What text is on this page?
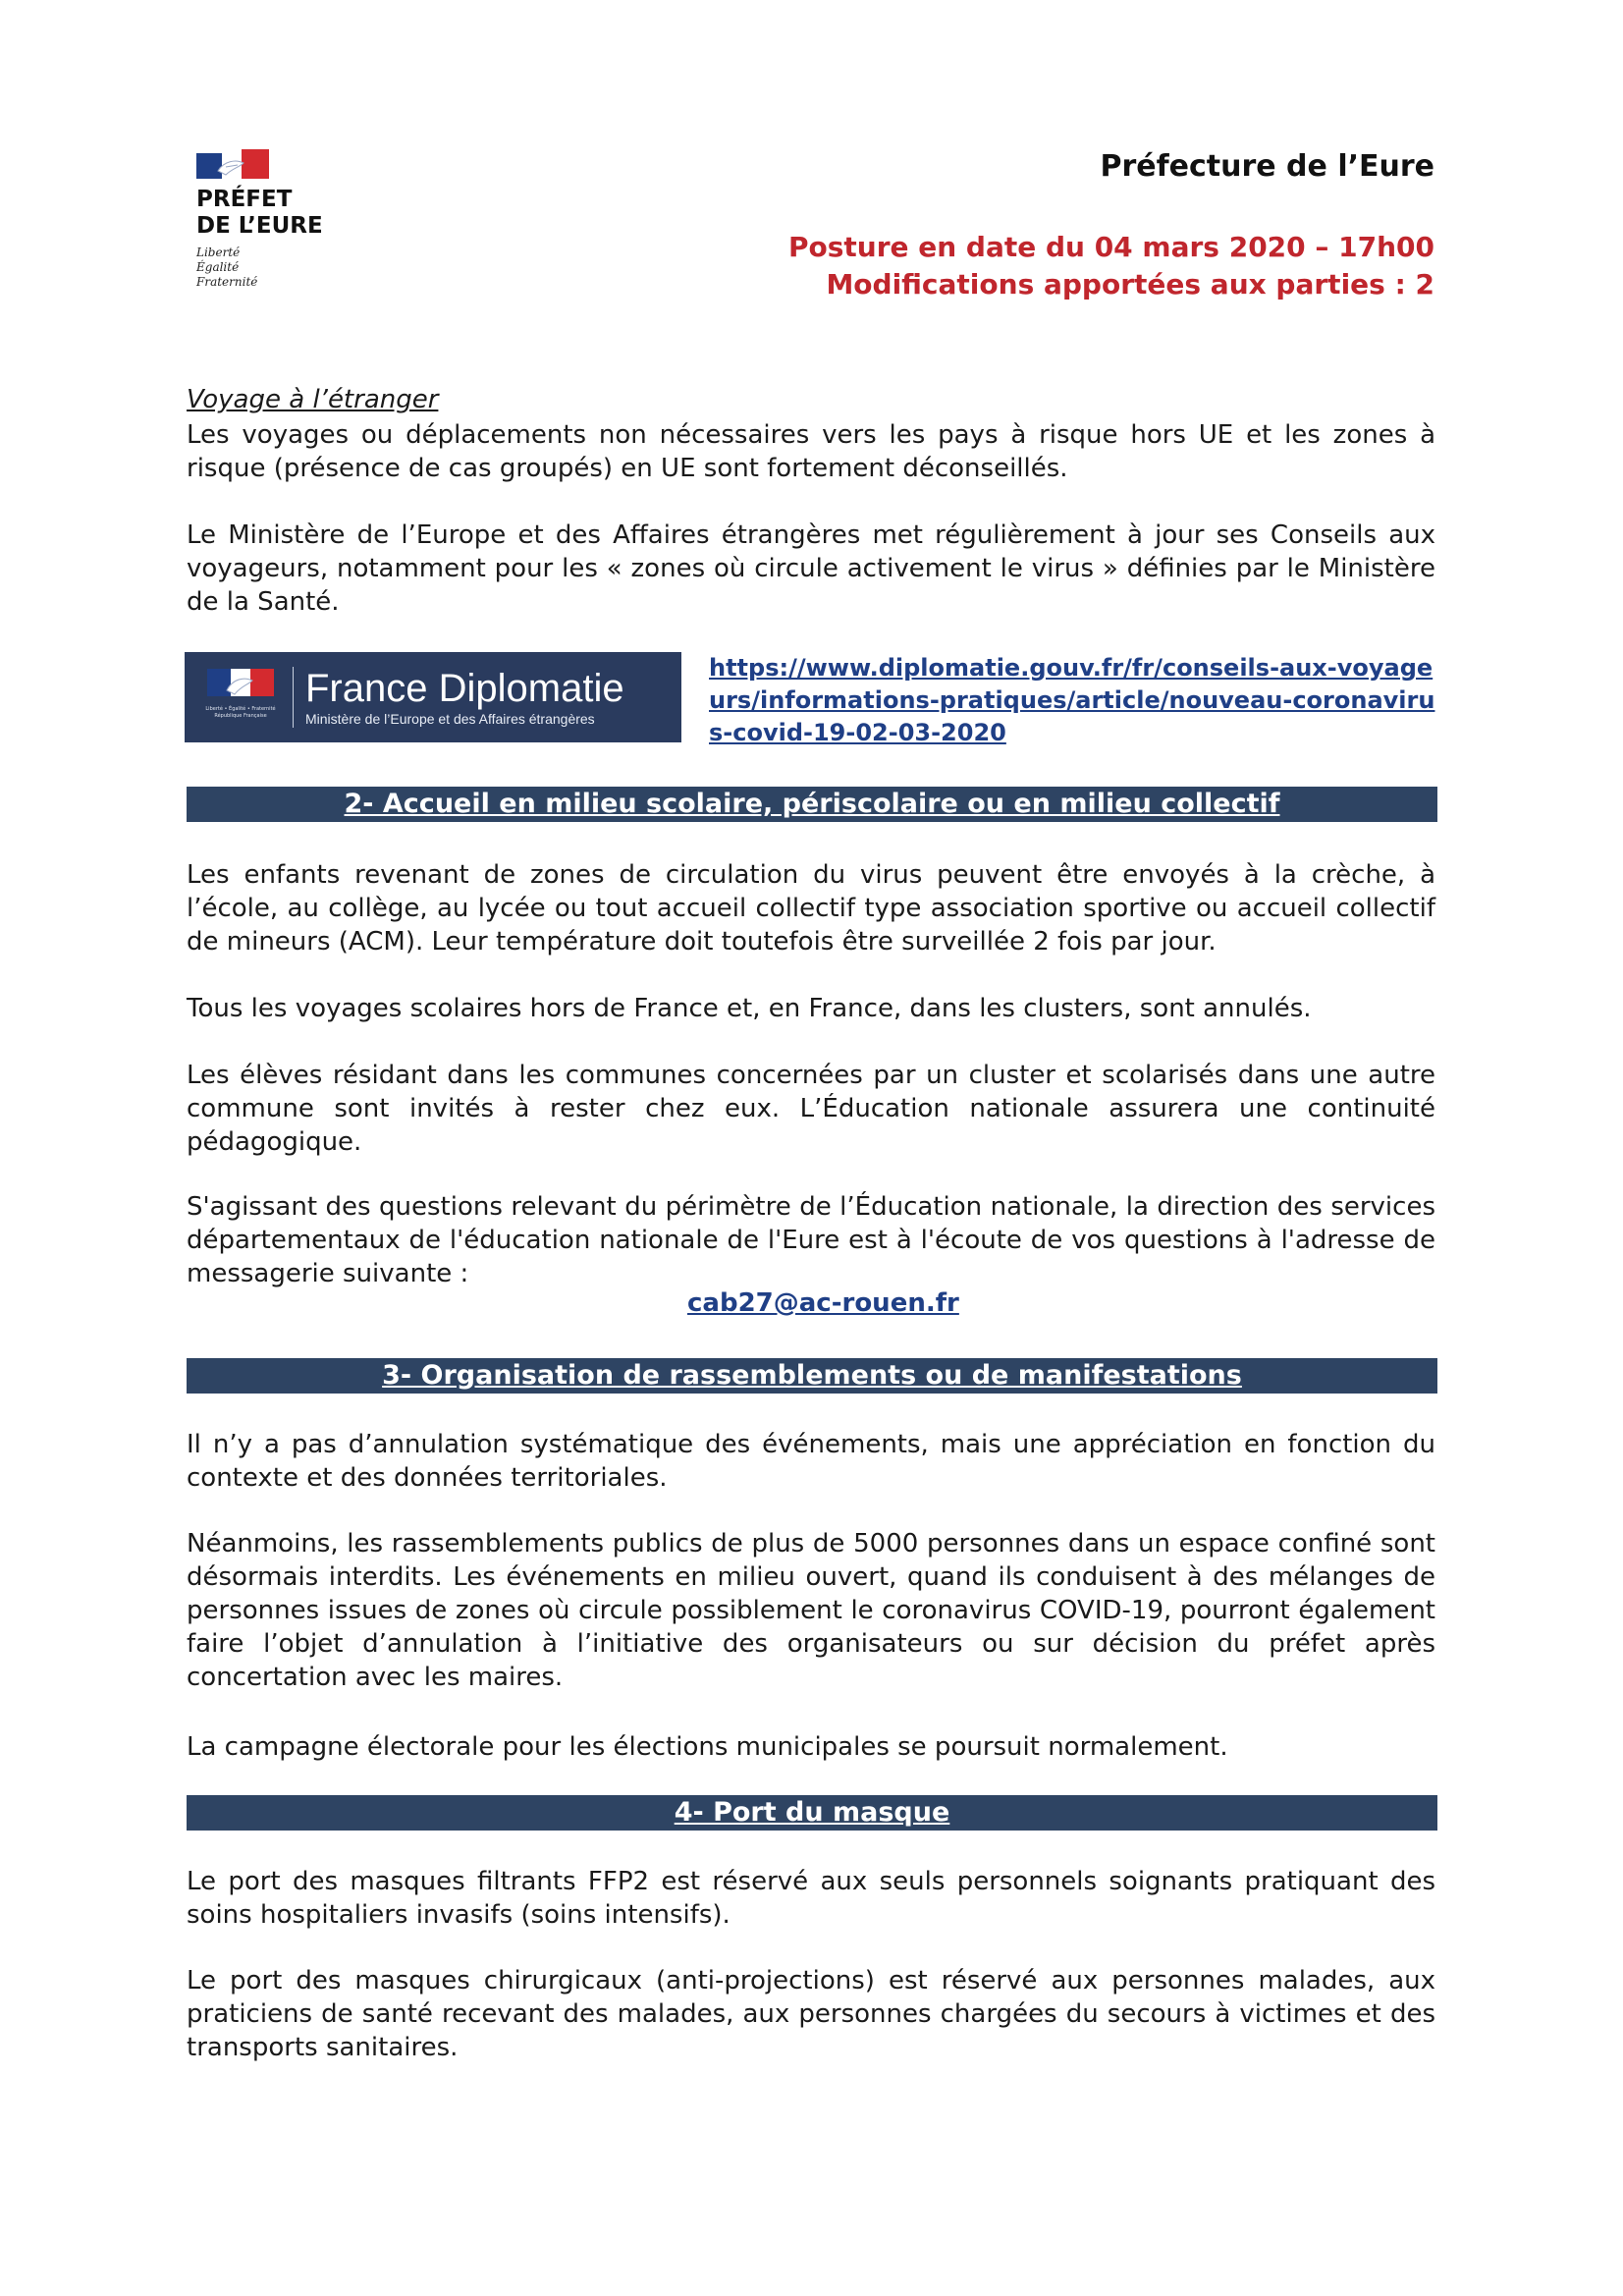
PRÉFET
DE L’EURE
Liberté
Égalité
Fraternité
Préfecture de l’Eure
Posture en date du 04 mars 2020 – 17h00
Modifications apportées aux parties : 2
Voyage à l’étranger
Les voyages ou déplacements non nécessaires vers les pays à risque hors UE et les zones à risque (présence de cas groupés) en UE sont fortement déconseillés.
Le Ministère de l’Europe et des Affaires étrangères met régulièrement à jour ses Conseils aux voyageurs, notamment pour les « zones où circule activement le virus » définies par le Ministère de la Santé.
Liberté • Égalité • Fraternité
République Française
France Diplomatie
Ministère de l’Europe et des Affaires étrangères
https://www.diplomatie.gouv.fr/fr/conseils-aux-voyageurs/informations-pratiques/article/nouveau-coronavirus-covid-19-02-03-2020
2- Accueil en milieu scolaire, périscolaire ou en milieu collectif
Les enfants revenant de zones de circulation du virus peuvent être envoyés à la crèche, à l’école, au collège, au lycée ou tout accueil collectif type association sportive ou accueil collectif de mineurs (ACM). Leur température doit toutefois être surveillée 2 fois par jour.
Tous les voyages scolaires hors de France et, en France, dans les clusters, sont annulés.
Les élèves résidant dans les communes concernées par un cluster et scolarisés dans une autre commune sont invités à rester chez eux. L’Éducation nationale assurera une continuité pédagogique.
S'agissant des questions relevant du périmètre de l’Éducation nationale, la direction des services départementaux de l'éducation nationale de l'Eure est à l'écoute de vos questions à l'adresse de messagerie suivante :
cab27@ac-rouen.fr
3- Organisation de rassemblements ou de manifestations
Il n’y a pas d’annulation systématique des événements, mais une appréciation en fonction du contexte et des données territoriales.
Néanmoins, les rassemblements publics de plus de 5000 personnes dans un espace confiné sont désormais interdits. Les événements en milieu ouvert, quand ils conduisent à des mélanges de personnes issues de zones où circule possiblement le coronavirus COVID-19, pourront également faire l’objet d’annulation à l’initiative des organisateurs ou sur décision du préfet après concertation avec les maires.
La campagne électorale pour les élections municipales se poursuit normalement.
4- Port du masque
Le port des masques filtrants FFP2 est réservé aux seuls personnels soignants pratiquant des soins hospitaliers invasifs (soins intensifs).
Le port des masques chirurgicaux (anti-projections) est réservé aux personnes malades, aux praticiens de santé recevant des malades, aux personnes chargées du secours à victimes et des transports sanitaires.
